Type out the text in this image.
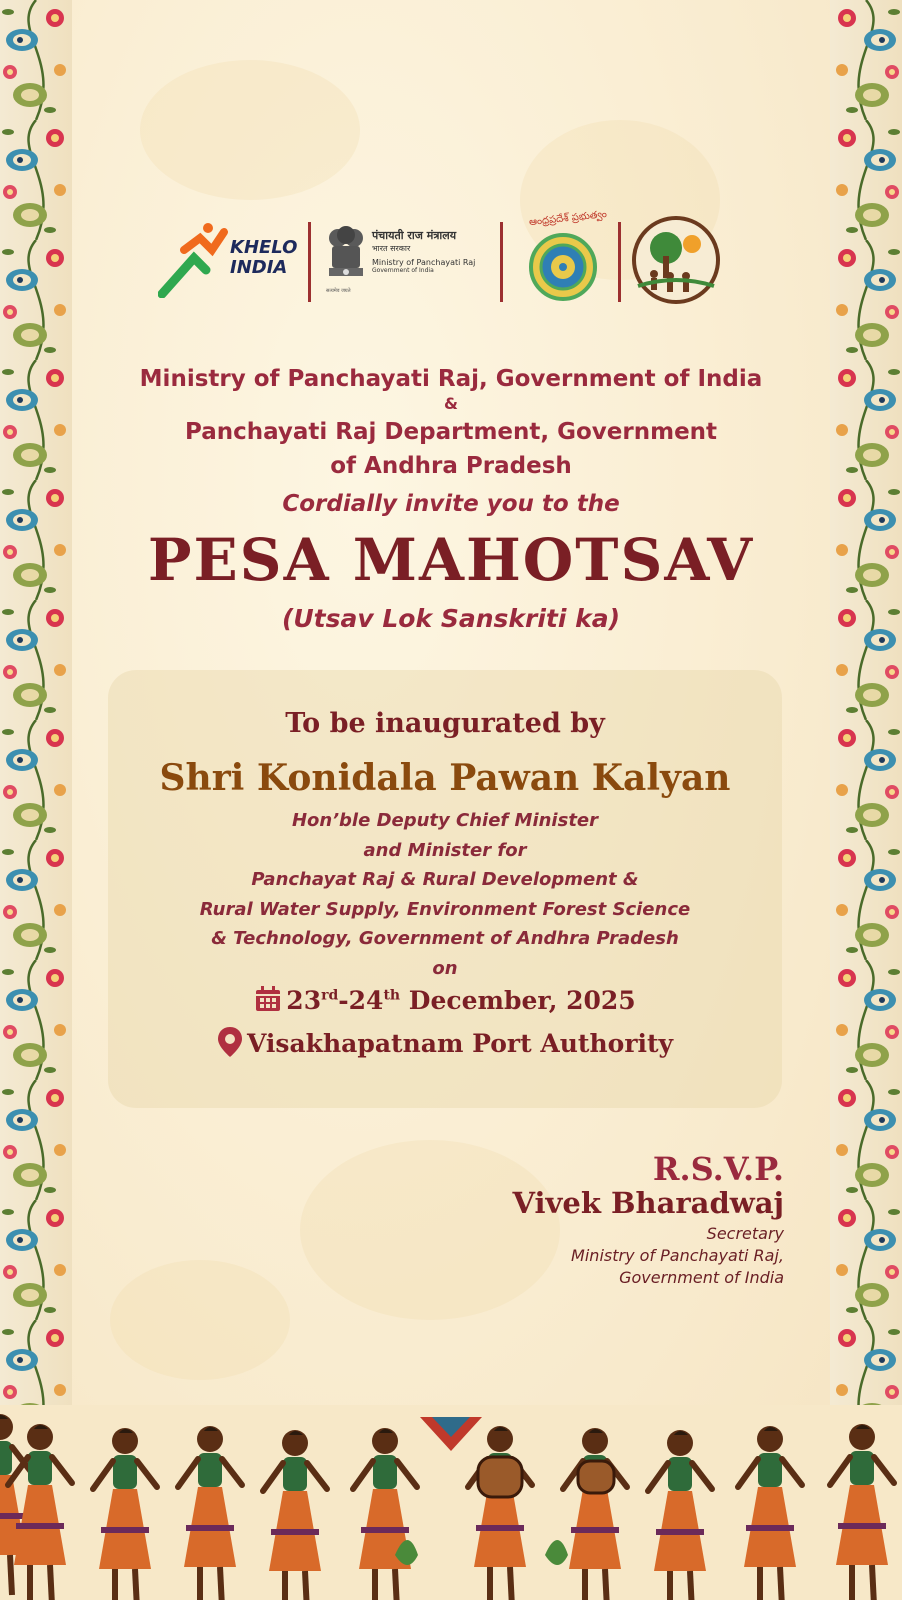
KHELO
INDIA
सत्यमेव जयते
पंचायती राज मंत्रालय
भारत सरकार
Ministry of Panchayati Raj
Government of India
ఆంధ్రప్రదేశ్ ప్రభుత్వం
Ministry of Panchayati Raj, Government of India
&
Panchayati Raj Department, Government
of Andhra Pradesh
Cordially invite you to the
PESA MAHOTSAV
(Utsav Lok Sanskriti ka)
To be inaugurated by
Shri Konidala Pawan Kalyan
Hon’ble Deputy Chief Minister
and Minister for
Panchayat Raj & Rural Development &
Rural Water Supply, Environment Forest Science
& Technology, Government of Andhra Pradesh
on
23rd-24th December, 2025
Visakhapatnam Port Authority
R.S.V.P.
Vivek Bharadwaj
Secretary
Ministry of Panchayati Raj,
Government of India
